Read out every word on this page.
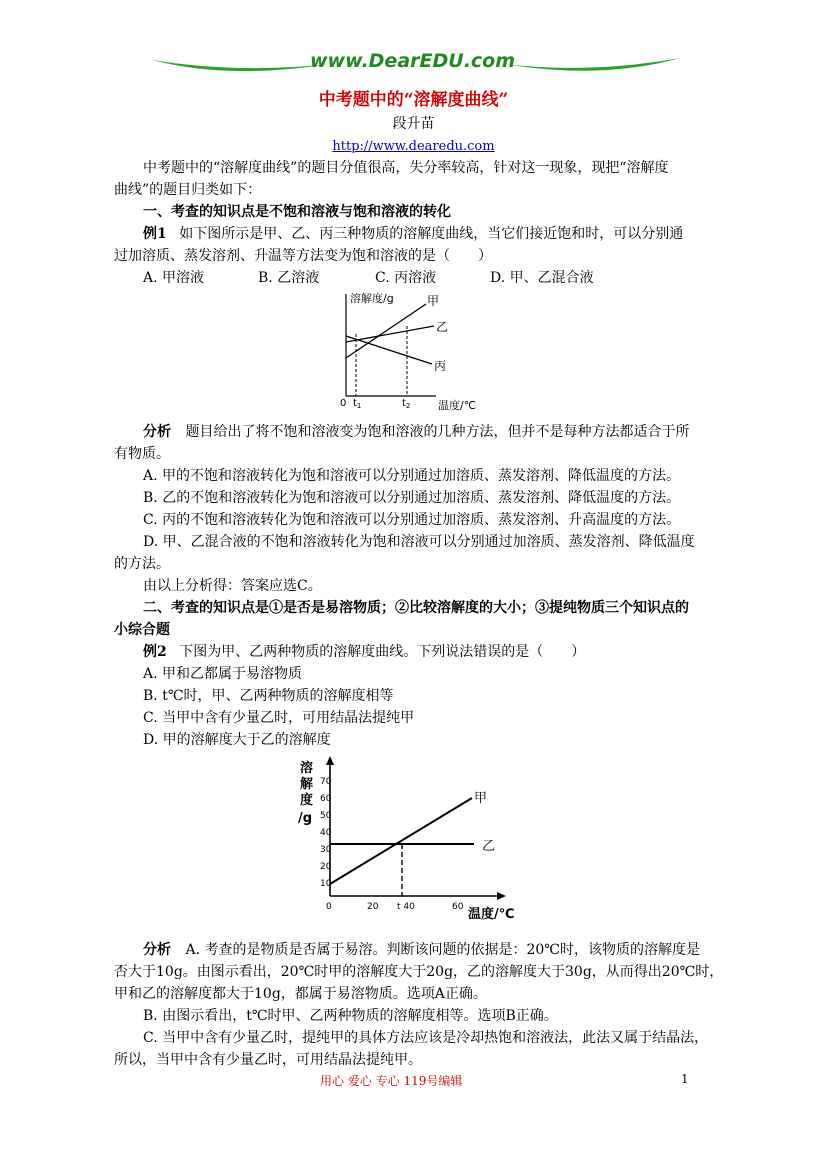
www.DearEDU.com
中考题中的“溶解度曲线”
段升苗
http://www.dearedu.com
中考题中的“溶解度曲线”的题目分值很高，失分率较高，针对这一现象，现把“溶解度
曲线”的题目归类如下：
一、考查的知识点是不饱和溶液与饱和溶液的转化
例1 如下图所示是甲、乙、丙三种物质的溶解度曲线，当它们接近饱和时，可以分别通
过加溶质、蒸发溶剂、升温等方法变为饱和溶液的是（　　）
A. 甲溶液	B. 乙溶液	C. 丙溶液	D. 甲、乙混合液
溶解度/g
温度/℃
0 $t_1$	$t_2$
甲
乙
丙
分析 题目给出了将不饱和溶液变为饱和溶液的几种方法，但并不是每种方法都适合于所
有物质。
A. 甲的不饱和溶液转化为饱和溶液可以分别通过加溶质、蒸发溶剂、降低温度的方法。
B. 乙的不饱和溶液转化为饱和溶液可以分别通过加溶质、蒸发溶剂、降低温度的方法。
C. 丙的不饱和溶液转化为饱和溶液可以分别通过加溶质、蒸发溶剂、升高温度的方法。
D. 甲、乙混合液的不饱和溶液转化为饱和溶液可以分别通过加溶质、蒸发溶剂、降低温度
的方法。
由以上分析得：答案应选C。
二、考查的知识点是①是否是易溶物质；②比较溶解度的大小；③提纯物质三个知识点的
小综合题
例2 下图为甲、乙两种物质的溶解度曲线。下列说法错误的是（　　）
A. 甲和乙都属于易溶物质
B. t℃时，甲、乙两种物质的溶解度相等
C. 当甲中含有少量乙时，可用结晶法提纯甲
D. 甲的溶解度大于乙的溶解度
溶
解
度
/g
0
10
20
30
40
50
60
70
20 t 40	60 温度/℃
甲
乙
分析 A. 考查的是物质是否属于易溶。判断该问题的依据是：20℃时，该物质的溶解度是
否大于10g。由图示看出，20℃时甲的溶解度大于20g，乙的溶解度大于30g，从而得出20℃时，
甲和乙的溶解度都大于10g，都属于易溶物质。选项A正确。
B. 由图示看出，t℃时甲、乙两种物质的溶解度相等。选项B正确。
C. 当甲中含有少量乙时，提纯甲的具体方法应该是冷却热饱和溶液法，此法又属于结晶法，
所以，当甲中含有少量乙时，可用结晶法提纯甲。
用心 爱心 专心 119号编辑	1
